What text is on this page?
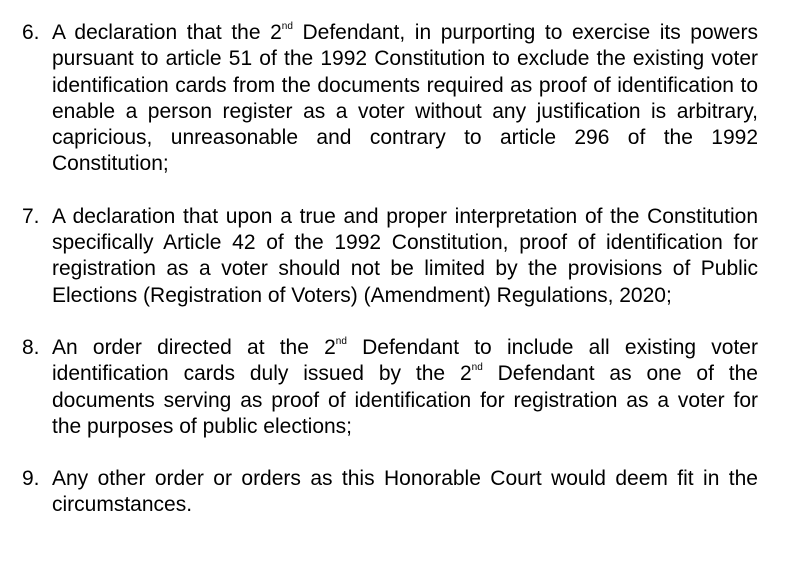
6. A declaration that the 2nd Defendant, in purporting to exercise its powers pursuant to article 51 of the 1992 Constitution to exclude the existing voter identification cards from the documents required as proof of identification to enable a person register as a voter without any justification is arbitrary, capricious, unreasonable and contrary to article 296 of the 1992 Constitution;
7. A declaration that upon a true and proper interpretation of the Constitution specifically Article 42 of the 1992 Constitution, proof of identification for registration as a voter should not be limited by the provisions of Public Elections (Registration of Voters) (Amendment) Regulations, 2020;
8. An order directed at the 2nd Defendant to include all existing voter identification cards duly issued by the 2nd Defendant as one of the documents serving as proof of identification for registration as a voter for the purposes of public elections;
9. Any other order or orders as this Honorable Court would deem fit in the circumstances.
